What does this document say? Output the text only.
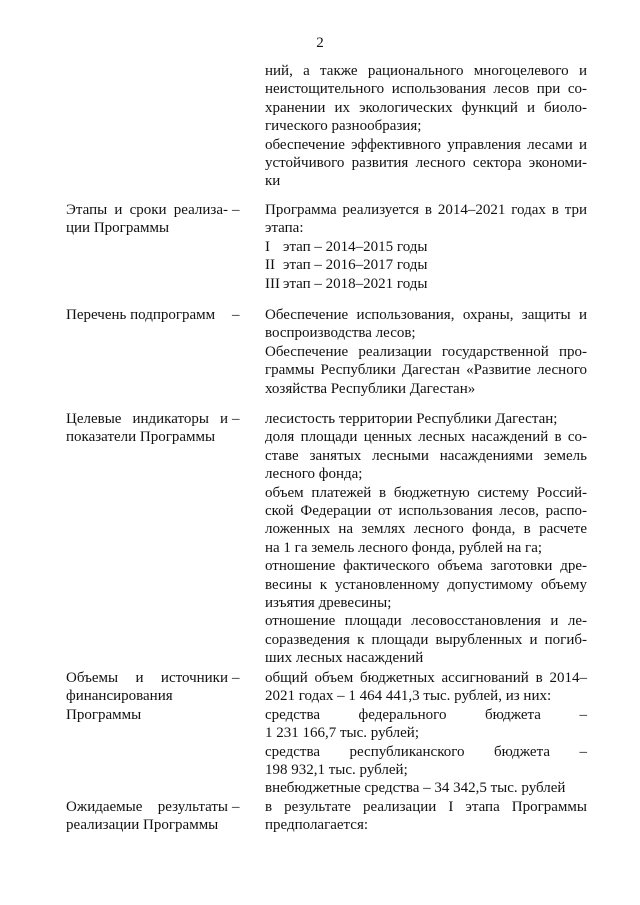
2
ний, а также рационального многоцелевого и
неистощительного использования лесов при со-
хранении их экологических функций и биоло-
гического разнообразия;
обеспечение эффективного управления лесами и
устойчивого развития лесного сектора экономи-
ки
Этапы и сроки реализа-
ции Программы
– Программа реализуется в 2014–2021 годах в три
этапа:
I этап – 2014–2015 годы
II этап – 2016–2017 годы
III этап – 2018–2021 годы
Перечень подпрограмм	– Обеспечение использования, охраны, защиты и
воспроизводства лесов;
Обеспечение реализации государственной про-
граммы Республики Дагестан «Развитие лесного
хозяйства Республики Дагестан»
Целевые индикаторы и
показатели Программы
– лесистость территории Республики Дагестан;
доля площади ценных лесных насаждений в со-
ставе занятых лесными насаждениями земель
лесного фонда;
объем платежей в бюджетную систему Россий-
ской Федерации от использования лесов, распо-
ложенных на землях лесного фонда, в расчете
на 1 га земель лесного фонда, рублей на га;
отношение фактического объема заготовки дре-
весины к установленному допустимому объему
изъятия древесины;
отношение площади лесовосстановления и ле-
соразведения к площади вырубленных и погиб-
ших лесных насаждений
Объемы и источники
финансирования
Программы
– общий объем бюджетных ассигнований в 2014–
2021 годах – 1 464 441,3 тыс. рублей, из них:
средства федерального бюджета –
1 231 166,7 тыс. рублей;
средства республиканского бюджета –
198 932,1 тыс. рублей;
внебюджетные средства – 34 342,5 тыс. рублей
Ожидаемые результаты
реализации Программы
– в результате реализации I этапа Программы
предполагается:
